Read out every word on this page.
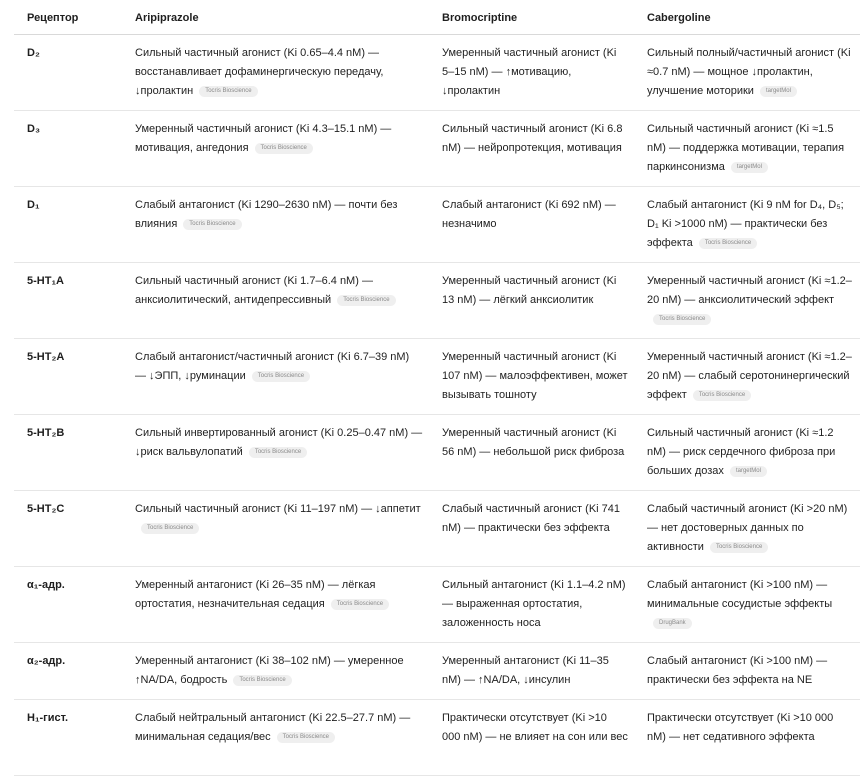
Рецептор	Aripiprazole	Bromocriptine	Cabergoline
D₂	Сильный частичный агонист (Ki 0.65–4.4 nM) — восстанавливает дофаминергическую передачу, ↓пролактин Tocris Bioscience	Умеренный частичный агонист (Ki 5–15 nM) — ↑мотивацию, ↓пролактин	Сильный полный/частичный агонист (Ki ≈0.7 nM) — мощное ↓пролактин, улучшение моторики targetMol
D₃	Умеренный частичный агонист (Ki 4.3–15.1 nM) — мотивация, ангедония Tocris Bioscience	Сильный частичный агонист (Ki 6.8 nM) — нейропротекция, мотивация	Сильный частичный агонист (Ki ≈1.5 nM) — поддержка мотивации, терапия паркинсонизма targetMol
D₁	Слабый антагонист (Ki 1290–2630 nM) — почти без влияния Tocris Bioscience	Слабый антагонист (Ki 692 nM) — незначимо	Слабый антагонист (Ki 9 nM for D₄, D₅; D₁ Ki >1000 nM) — практически без эффекта Tocris Bioscience
5-HT₁A	Сильный частичный агонист (Ki 1.7–6.4 nM) — анксиолитический, антидепрессивный Tocris Bioscience	Умеренный частичный агонист (Ki 13 nM) — лёгкий анксиолитик	Умеренный частичный агонист (Ki ≈1.2–20 nM) — анксиолитический эффектTocris Bioscience
5-HT₂A	Слабый антагонист/частичный агонист (Ki 6.7–39 nM) — ↓ЭПП, ↓руминации Tocris Bioscience	Умеренный частичный агонист (Ki 107 nM) — малоэффективен, может вызывать тошноту	Умеренный частичный агонист (Ki ≈1.2–20 nM) — слабый серотонинергический эффект Tocris Bioscience
5-HT₂B	Сильный инвертированный агонист (Ki 0.25–0.47 nM) — ↓риск вальвулопатий Tocris Bioscience	Умеренный частичный агонист (Ki 56 nM) — небольшой риск фиброза	Сильный частичный агонист (Ki ≈1.2 nM) — риск сердечного фиброза при больших дозах targetMol
5-HT₂C	Сильный частичный агонист (Ki 11–197 nM) — ↓аппетитTocris Bioscience	Слабый частичный агонист (Ki 741 nM) — практически без эффекта	Слабый частичный агонист (Ki >20 nM) — нет достоверных данных по активности Tocris Bioscience
α₁-адр.	Умеренный антагонист (Ki 26–35 nM) — лёгкая ортостатия, незначительная седация Tocris Bioscience	Сильный антагонист (Ki 1.1–4.2 nM) — выраженная ортостатия, заложенность носа	Слабый антагонист (Ki >100 nM) — минимальные сосудистые эффектыDrugBank
α₂-адр.	Умеренный антагонист (Ki 38–102 nM) — умеренное ↑NA/DA, бодрость Tocris Bioscience	Умеренный антагонист (Ki 11–35 nM) — ↑NA/DA, ↓инсулин	Слабый антагонист (Ki >100 nM) — практически без эффекта на NE
H₁-гист.	Слабый нейтральный антагонист (Ki 22.5–27.7 nM) — минимальная седация/вес Tocris Bioscience	Практически отсутствует (Ki >10 000 nM) — не влияет на сон или вес	Практически отсутствует (Ki >10 000 nM) — нет седативного эффекта
